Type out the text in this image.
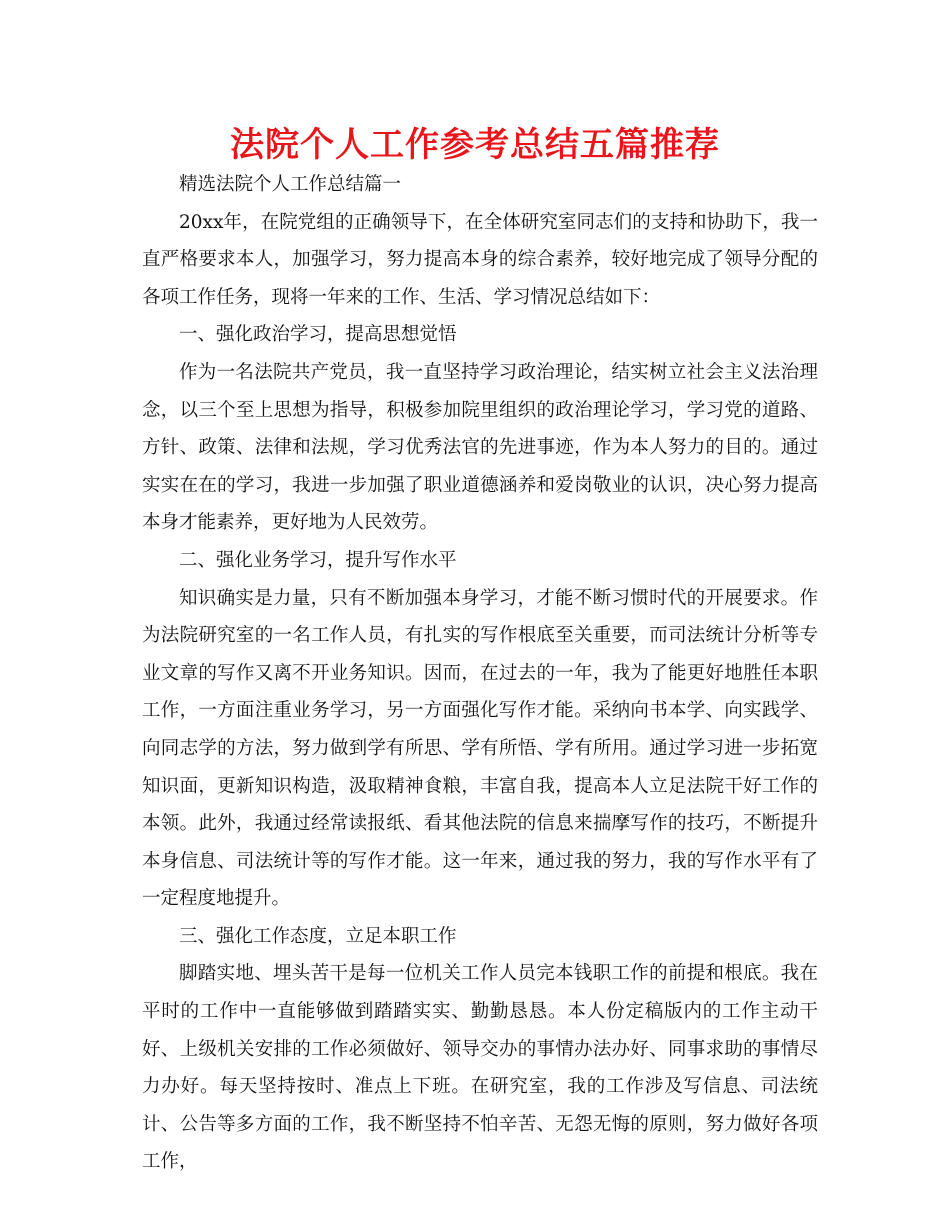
法院个人工作参考总结五篇推荐

精选法院个人工作总结篇一

20xx年，在院党组的正确领导下，在全体研究室同志们的支持和协助下，我一直严格要求本人，加强学习，努力提高本身的综合素养，较好地完成了领导分配的各项工作任务，现将一年来的工作、生活、学习情况总结如下：

一、强化政治学习，提高思想觉悟

作为一名法院共产党员，我一直坚持学习政治理论，结实树立社会主义法治理念，以三个至上思想为指导，积极参加院里组织的政治理论学习，学习党的道路、方针、政策、法律和法规，学习优秀法官的先进事迹，作为本人努力的目的。通过实实在在的学习，我进一步加强了职业道德涵养和爱岗敬业的认识，决心努力提高本身才能素养，更好地为人民效劳。

二、强化业务学习，提升写作水平

知识确实是力量，只有不断加强本身学习，才能不断习惯时代的开展要求。作为法院研究室的一名工作人员，有扎实的写作根底至关重要，而司法统计分析等专业文章的写作又离不开业务知识。因而，在过去的一年，我为了能更好地胜任本职工作，一方面注重业务学习，另一方面强化写作才能。采纳向书本学、向实践学、向同志学的方法，努力做到学有所思、学有所悟、学有所用。通过学习进一步拓宽知识面，更新知识构造，汲取精神食粮，丰富自我，提高本人立足法院干好工作的本领。此外，我通过经常读报纸、看其他法院的信息来揣摩写作的技巧，不断提升本身信息、司法统计等的写作才能。这一年来，通过我的努力，我的写作水平有了一定程度地提升。

三、强化工作态度，立足本职工作

脚踏实地、埋头苦干是每一位机关工作人员完本钱职工作的前提和根底。我在平时的工作中一直能够做到踏踏实实、勤勤恳恳。本人份定稿版内的工作主动干好、上级机关安排的工作必须做好、领导交办的事情办法办好、同事求助的事情尽力办好。每天坚持按时、准点上下班。在研究室，我的工作涉及写信息、司法统计、公告等多方面的工作，我不断坚持不怕辛苦、无怨无悔的原则，努力做好各项工作，
